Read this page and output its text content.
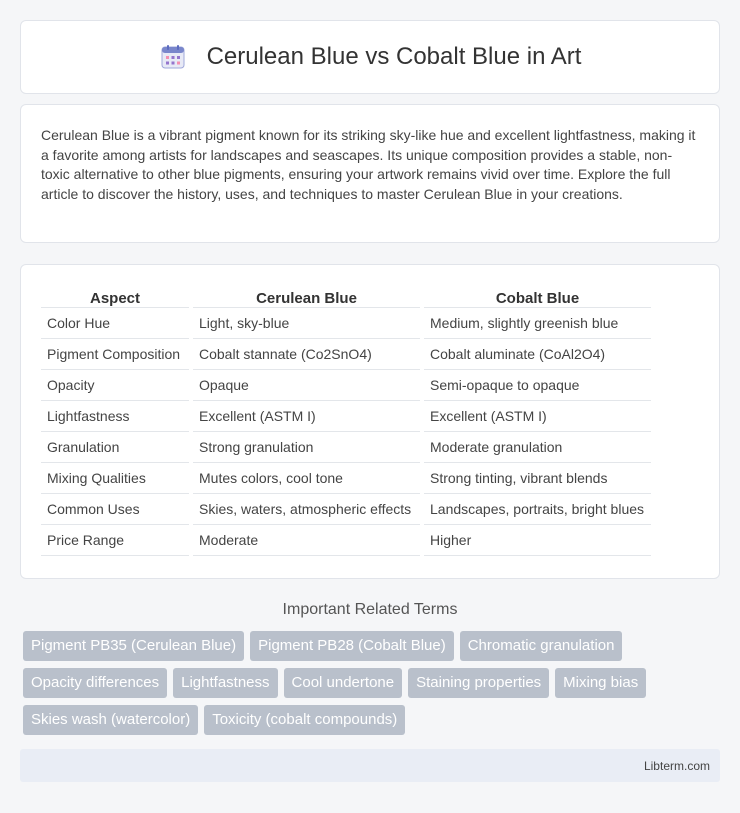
Cerulean Blue vs Cobalt Blue in Art

Cerulean Blue is a vibrant pigment known for its striking sky-like hue and excellent lightfastness, making it a favorite among artists for landscapes and seascapes. Its unique composition provides a stable, non-toxic alternative to other blue pigments, ensuring your artwork remains vivid over time. Explore the full article to discover the history, uses, and techniques to master Cerulean Blue in your creations.

Aspect	Cerulean Blue	Cobalt Blue
Color Hue	Light, sky-blue	Medium, slightly greenish blue
Pigment Composition	Cobalt stannate (Co2SnO4)	Cobalt aluminate (CoAl2O4)
Opacity	Opaque	Semi-opaque to opaque
Lightfastness	Excellent (ASTM I)	Excellent (ASTM I)
Granulation	Strong granulation	Moderate granulation
Mixing Qualities	Mutes colors, cool tone	Strong tinting, vibrant blends
Common Uses	Skies, waters, atmospheric effects	Landscapes, portraits, bright blues
Price Range	Moderate	Higher
Important Related Terms
Pigment PB35 (Cerulean Blue)	Pigment PB28 (Cobalt Blue)	Chromatic granulation
Opacity differences	Lightfastness	Cool undertone	Staining properties	Mixing bias
Skies wash (watercolor)	Toxicity (cobalt compounds)
Libterm.com
